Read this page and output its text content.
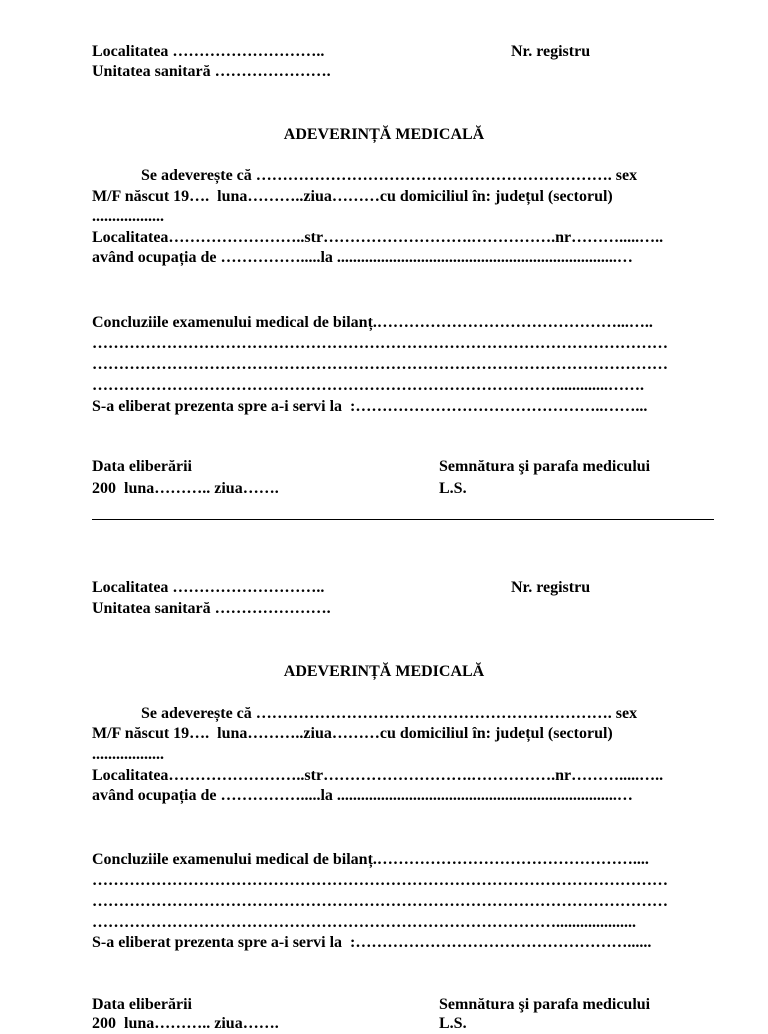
Localitatea ………………………..	Nr. registru
Unitatea sanitară ………………….
ADEVERINȚĂ MEDICALĂ
Se adeverește că …………………………………………………………. sex
M/F născut 19….  luna………..ziua………cu domiciliul în: județul (sectorul)
..................
Localitatea……………………..str……………………….…………….nr……….....…..
având ocupația de …………….....la ......................................................................…
Concluziile examenului medical de bilanț.………………………………………...…..
………………………………………………………………………………………………
………………………………………………………………………………………………
…………………………………………………………………………….............…….
S-a eliberat prezenta spre a-i servi la  :………………………………………..……...
Data eliberării	Semnătura şi parafa medicului
200  luna……….. ziua…….	L.S.
Localitatea ………………………..	Nr. registru
Unitatea sanitară ………………….
ADEVERINȚĂ MEDICALĂ
Se adeverește că …………………………………………………………. sex
M/F născut 19….  luna………..ziua………cu domiciliul în: județul (sectorul)
..................
Localitatea……………………..str……………………….…………….nr……….....…..
având ocupația de …………….....la ......................................................................…
Concluziile examenului medical de bilanț.…………………………………………....
………………………………………………………………………………………………
………………………………………………………………………………………………
……………………………………………………………………………....................
S-a eliberat prezenta spre a-i servi la  :……………………………………………......
Data eliberării	Semnătura şi parafa medicului
200  luna……….. ziua…….	L.S.
